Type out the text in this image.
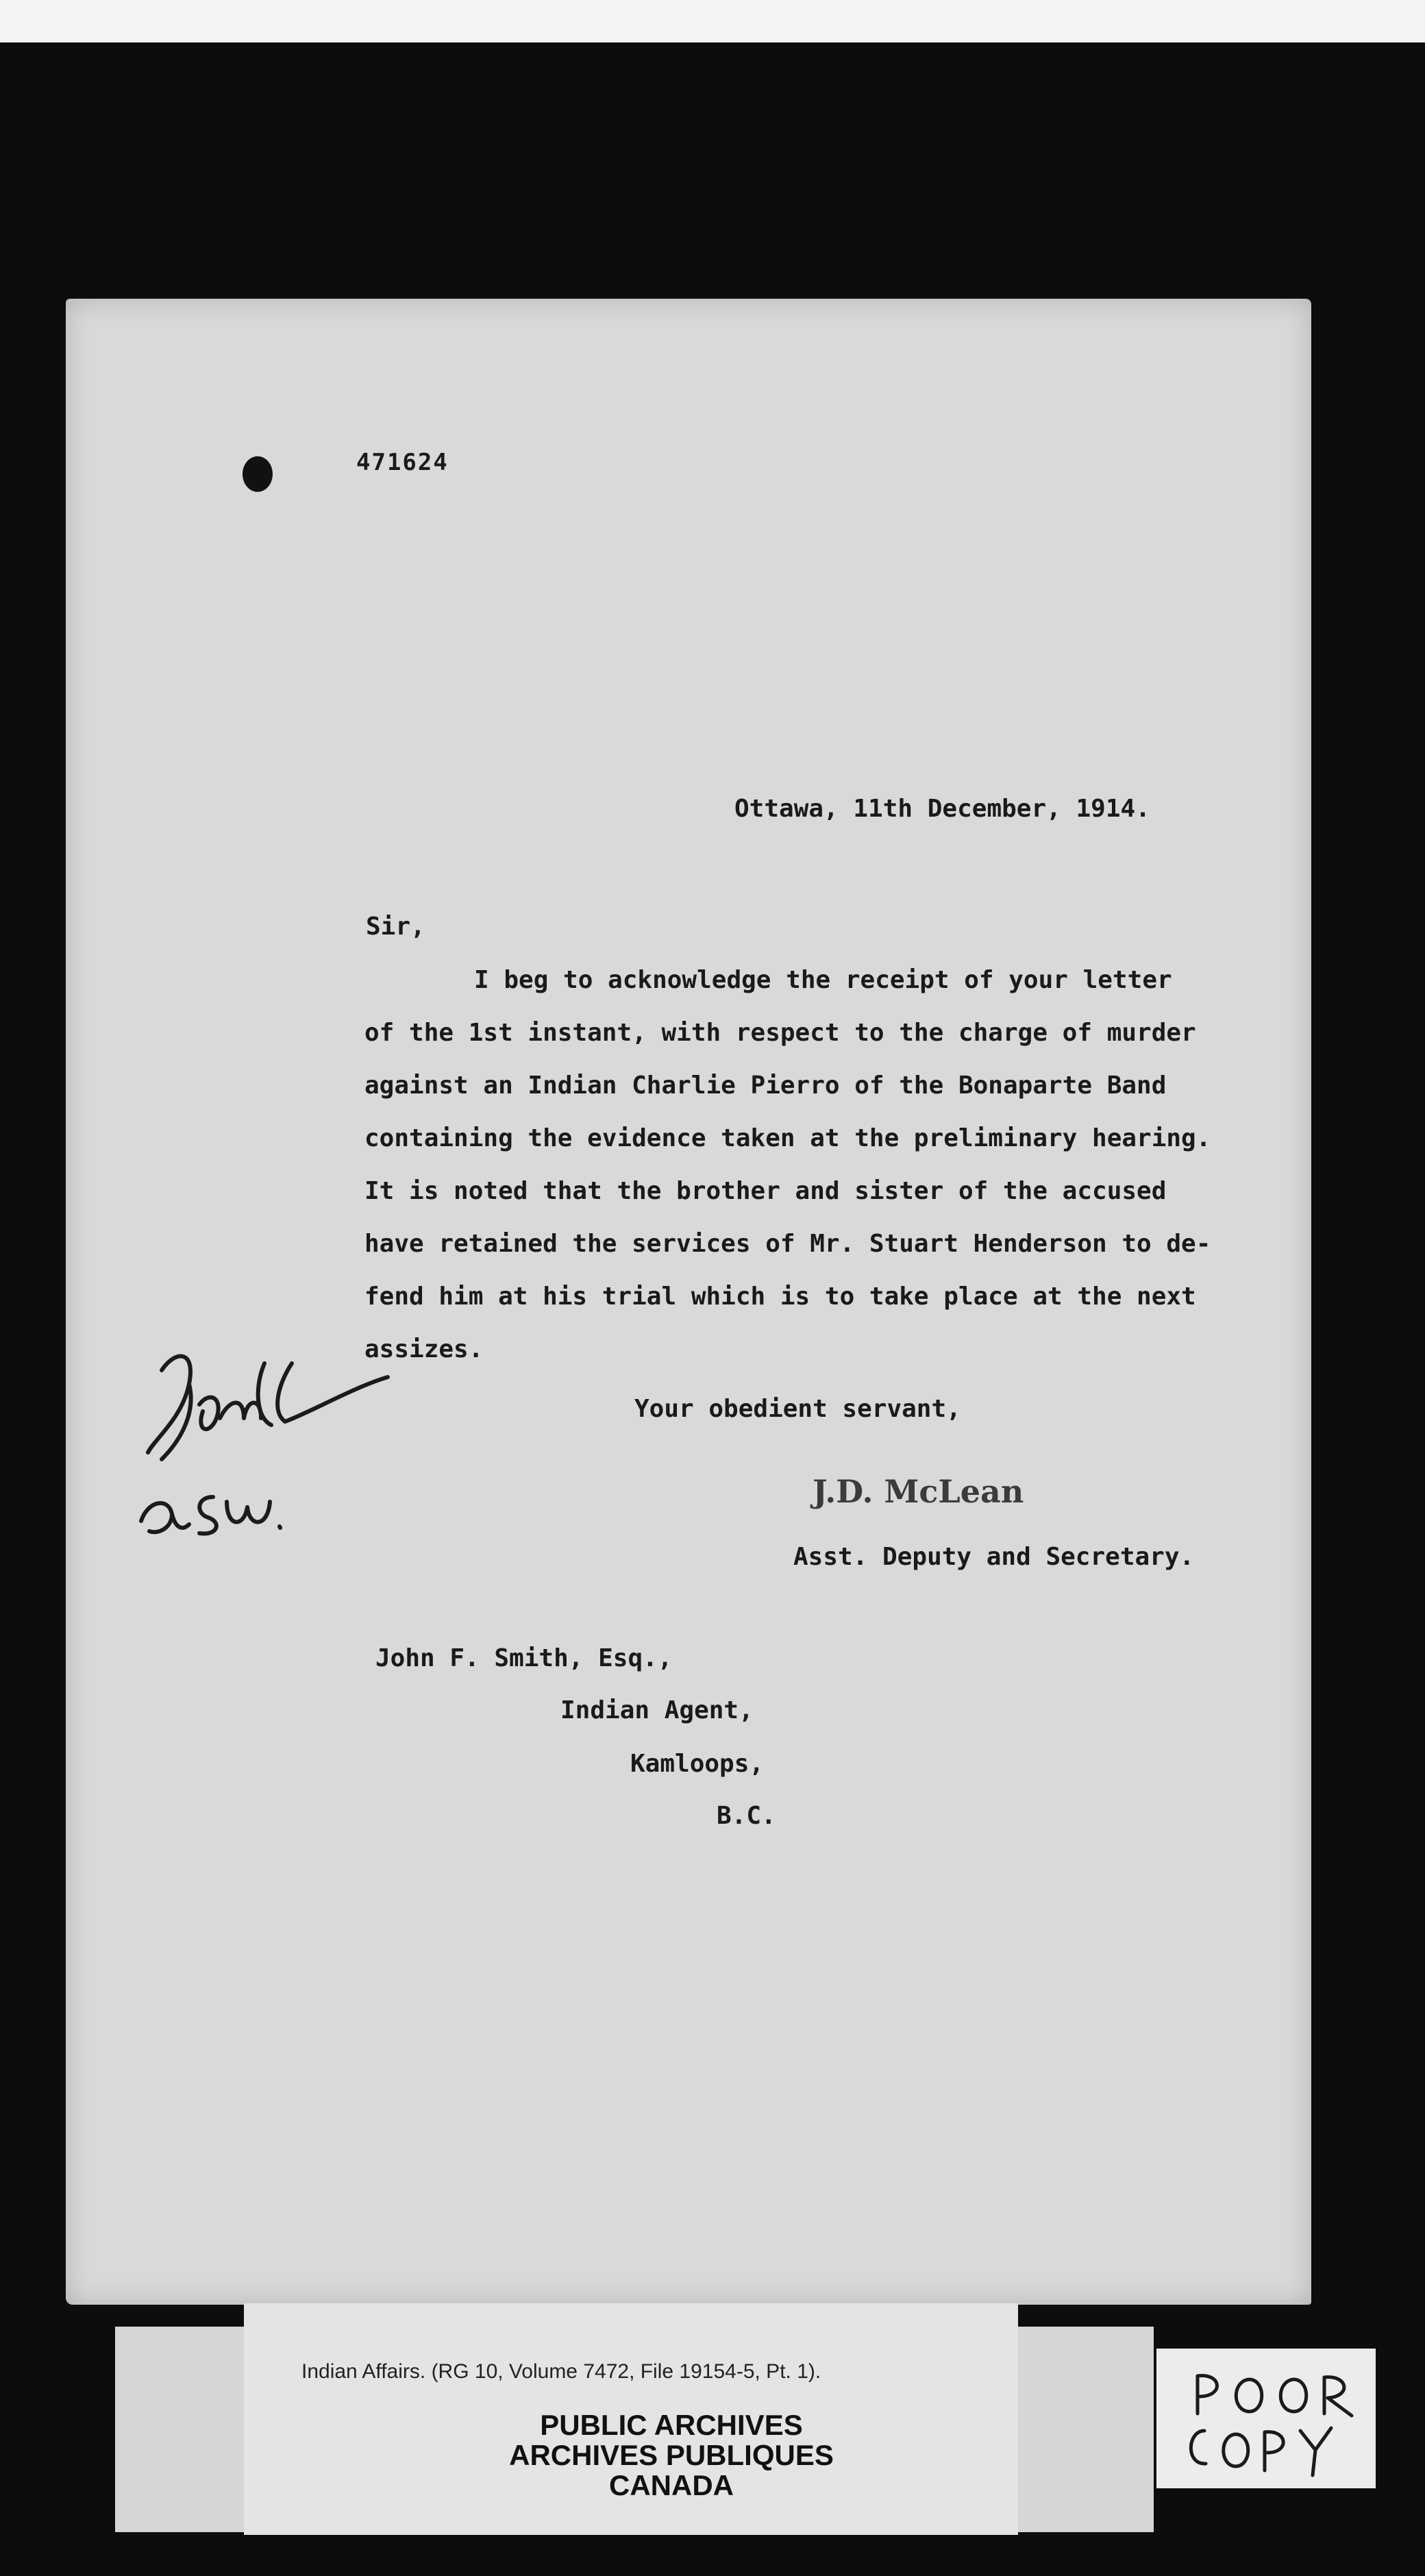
471624
Ottawa, 11th December, 1914.
Sir,
I beg to acknowledge the receipt of your letter
of the 1st instant, with respect to the charge of murder
against an Indian Charlie Pierro of the Bonaparte Band
containing the evidence taken at the preliminary hearing.
It is noted that the brother and sister of the accused
have retained the services of Mr. Stuart Henderson to de-
fend him at his trial which is to take place at the next
assizes.
Your obedient servant,
J.D. McLean
Asst. Deputy and Secretary.
John F. Smith, Esq.,
Indian Agent,
Kamloops,
B.C.
Indian Affairs. (RG 10, Volume 7472, File 19154-5, Pt. 1).
PUBLIC ARCHIVES
ARCHIVES PUBLIQUES
CANADA
